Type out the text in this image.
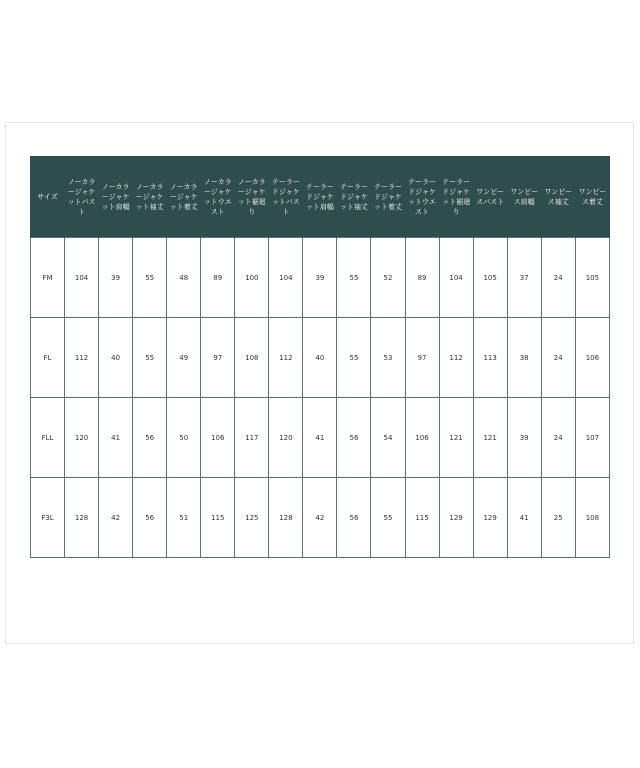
サイズ	ノーカラージャケットバスト	ノーカラージャケット肩幅	ノーカラージャケット袖丈	ノーカラージャケット着丈	ノーカラージャケットウエスト	ノーカラージャケット裾廻り	テーラードジャケットバスト	テーラードジャケット肩幅	テーラードジャケット袖丈	テーラードジャケット着丈	テーラードジャケットウエスト	テーラードジャケット裾廻り	ワンピースバスト	ワンピース肩幅	ワンピース袖丈	ワンピース着丈
FM	104	39	55	48	89	100	104	39	55	52	89	104	105	37	24	105
FL	112	40	55	49	97	108	112	40	55	53	97	112	113	38	24	106
FLL	120	41	56	50	106	117	120	41	56	54	106	121	121	39	24	107
F3L	128	42	56	51	115	125	128	42	56	55	115	129	129	41	25	108
